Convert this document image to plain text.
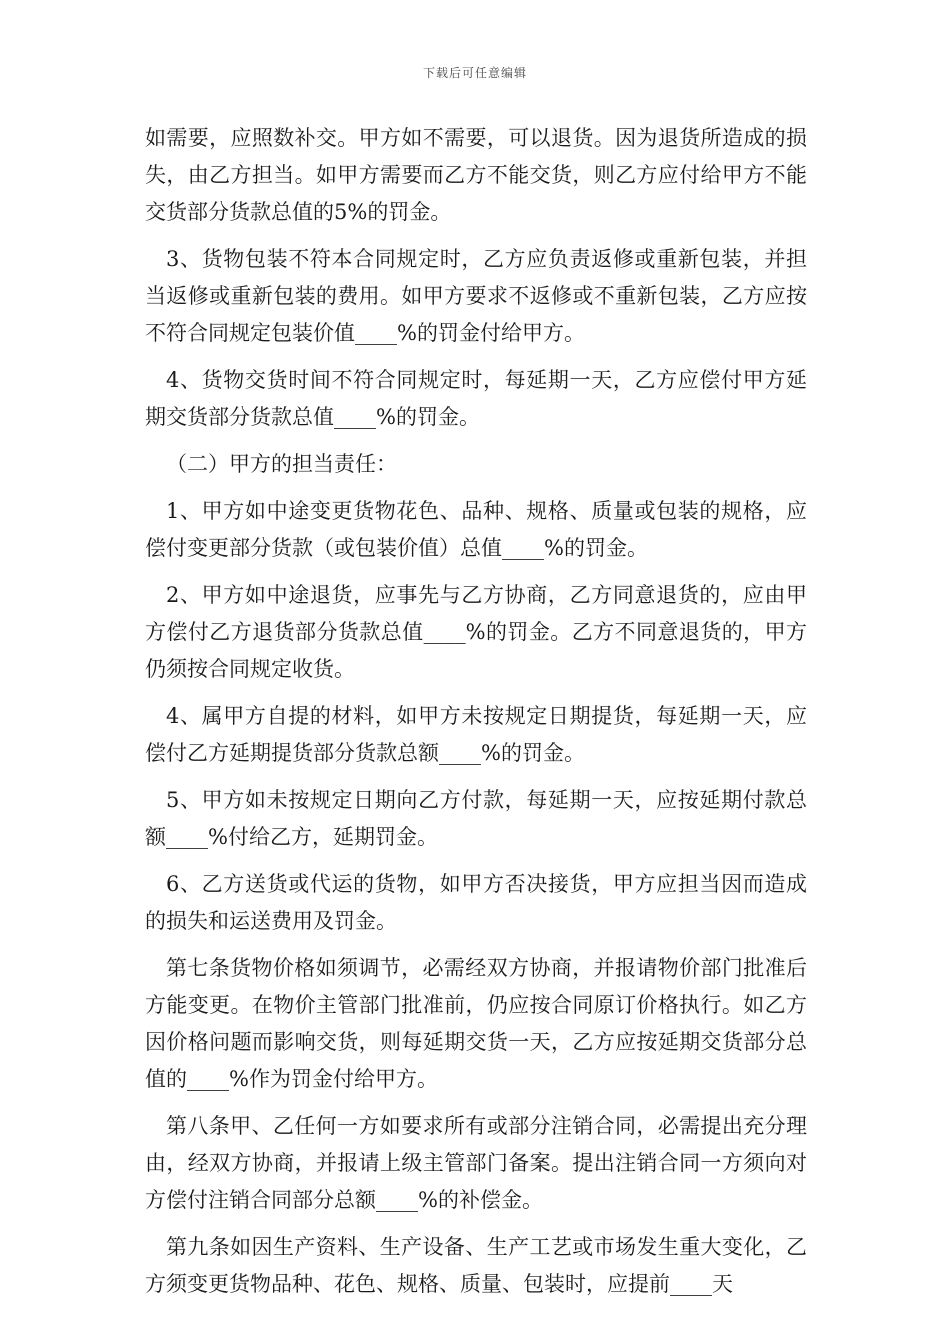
下载后可任意编辑

如需要，应照数补交。甲方如不需要，可以退货。因为退货所造成的损失，由乙方担当。如甲方需要而乙方不能交货，则乙方应付给甲方不能交货部分货款总值的5%的罚金。

3、货物包装不符本合同规定时，乙方应负责返修或重新包装，并担当返修或重新包装的费用。如甲方要求不返修或不重新包装，乙方应按不符合同规定包装价值____%的罚金付给甲方。

4、货物交货时间不符合同规定时，每延期一天，乙方应偿付甲方延期交货部分货款总值____%的罚金。

（二）甲方的担当责任：

1、甲方如中途变更货物花色、品种、规格、质量或包装的规格，应偿付变更部分货款（或包装价值）总值____%的罚金。

2、甲方如中途退货，应事先与乙方协商，乙方同意退货的，应由甲方偿付乙方退货部分货款总值____%的罚金。乙方不同意退货的，甲方仍须按合同规定收货。

4、属甲方自提的材料，如甲方未按规定日期提货，每延期一天，应偿付乙方延期提货部分货款总额____%的罚金。

5、甲方如未按规定日期向乙方付款，每延期一天，应按延期付款总额____%付给乙方，延期罚金。

6、乙方送货或代运的货物，如甲方否决接货，甲方应担当因而造成的损失和运送费用及罚金。

第七条货物价格如须调节，必需经双方协商，并报请物价部门批准后方能变更。在物价主管部门批准前，仍应按合同原订价格执行。如乙方因价格问题而影响交货，则每延期交货一天，乙方应按延期交货部分总值的____%作为罚金付给甲方。

第八条甲、乙任何一方如要求所有或部分注销合同，必需提出充分理由，经双方协商，并报请上级主管部门备案。提出注销合同一方须向对方偿付注销合同部分总额____%的补偿金。

第九条如因生产资料、生产设备、生产工艺或市场发生重大变化，乙方须变更货物品种、花色、规格、质量、包装时，应提前____天
